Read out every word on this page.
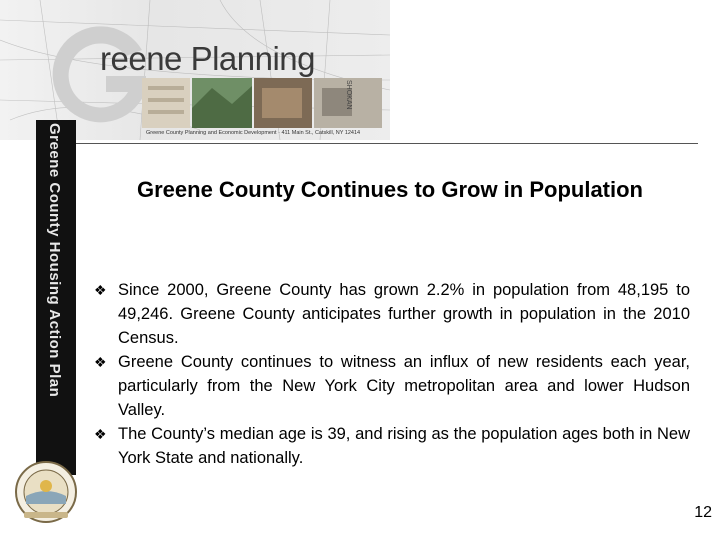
reene Planning
SHOKAN
Greene County Planning and Economic Development · 411 Main St., Catskill, NY 12414
Greene County Housing Action Plan	Greene County Continues to Grow in Population
❖ Since 2000, Greene County has grown 2.2% in population from 48,195 to 49,246. Greene County anticipates further growth in population in the 2010 Census.
❖ Greene County continues to witness an influx of new residents each year, particularly from the New York City metropolitan area and lower Hudson Valley.
❖ The County’s median age is 39, and rising as the population ages both in New York State and nationally.
12
